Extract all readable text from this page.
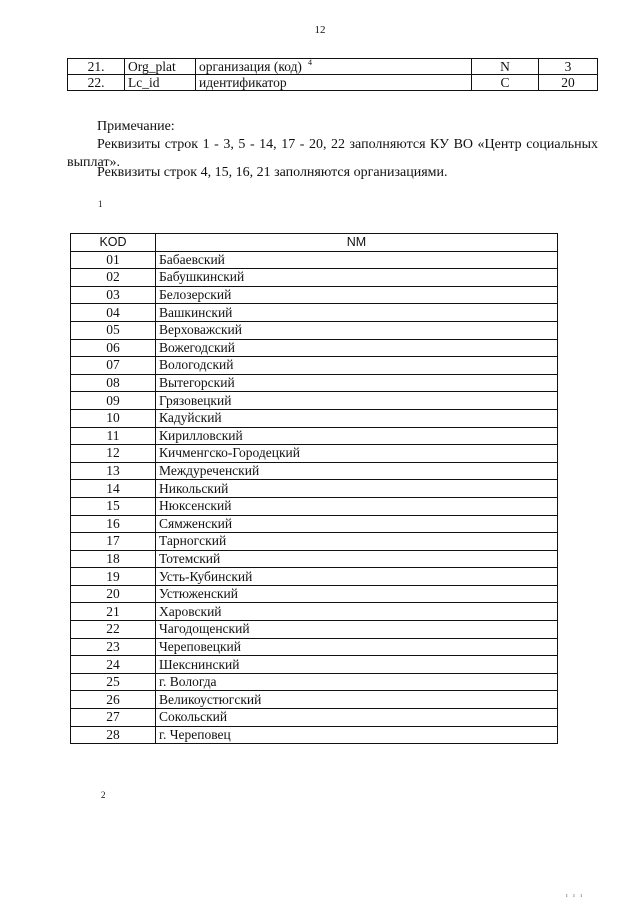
12
21.	Org_plat	организация (код) $^4$	N	3
22.	Lc_id	идентификатор	C	20
Примечание:
Реквизиты строк 1 - 3, 5 - 14, 17 - 20, 22 заполняются КУ ВО «Центр социальных выплат».
Реквизиты строк 4, 15, 16, 21 заполняются организациями.
1
KOD	NM
01	Бабаевский
02	Бабушкинский
03	Белозерский
04	Вашкинский
05	Верховажский
06	Вожегодский
07	Вологодский
08	Вытегорский
09	Грязовецкий
10	Кадуйский
11	Кирилловский
12	Кичменгско-Городецкий
13	Междуреченский
14	Никольский
15	Нюксенский
16	Сямженский
17	Тарногский
18	Тотемский
19	Усть-Кубинский
20	Устюженский
21	Харовский
22	Чагодощенский
23	Череповецкий
24	Шекснинский
25	г. Вологда
26	Великоустюгский
27	Сокольский
28	г. Череповец
2
ı ı ı
